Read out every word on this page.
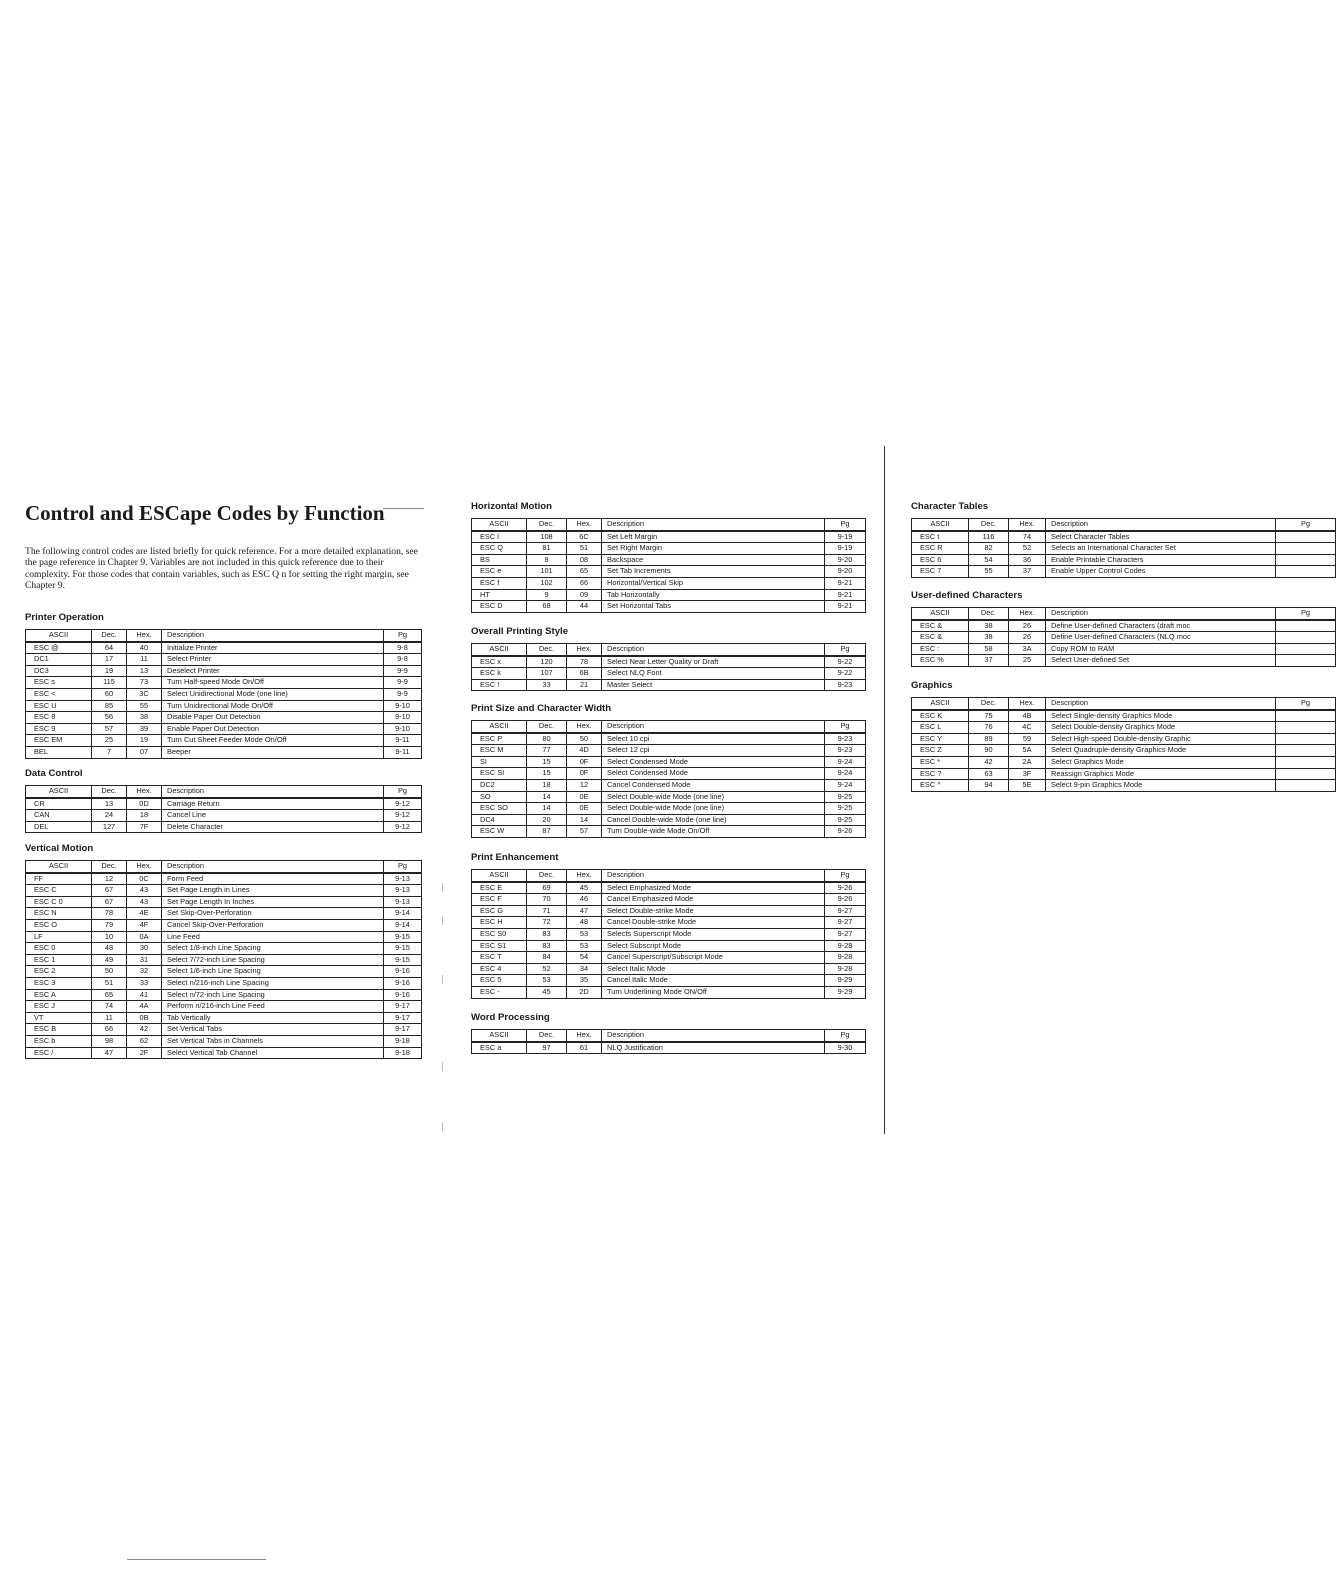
Control and ESCape Codes by Function

The following control codes are listed briefly for quick reference. For a more detailed explanation, see the page reference in Chapter 9. Variables are not included in this quick reference due to their complexity. For those codes that contain variables, such as ESC Q n for setting the right margin, see Chapter 9.

Printer Operation
ASCII	Dec.	Hex.	Description	Pg
ESC @	64	40	Initialize Printer	9-8
DC1	17	11	Select Printer	9-8
DC3	19	13	Deselect Printer	9-9
ESC s	115	73	Turn Half-speed Mode On/Off	9-9
ESC <	60	3C	Select Unidirectional Mode (one line)	9-9
ESC U	85	55	Turn Unidirectional Mode On/Off	9-10
ESC 8	56	38	Disable Paper Out Detection	9-10
ESC 9	57	39	Enable Paper Out Detection	9-10
ESC EM	25	19	Turn Cut Sheet Feeder Mode On/Off	9-11
BEL	7	07	Beeper	9-11
Data Control
ASCII	Dec.	Hex.	Description	Pg
CR	13	0D	Carriage Return	9-12
CAN	24	18	Cancel Line	9-12
DEL	127	7F	Delete Character	9-12
Vertical Motion
ASCII	Dec.	Hex.	Description	Pg
FF	12	0C	Form Feed	9-13
ESC C	67	43	Set Page Length in Lines	9-13
ESC C 0	67	43	Set Page Length In Inches	9-13
ESC N	78	4E	Set Skip-Over-Perforation	9-14
ESC O	79	4F	Cancel Skip-Over-Perforation	9-14
LF	10	0A	Line Feed	9-15
ESC 0	48	30	Select 1/8-inch Line Spacing	9-15
ESC 1	49	31	Select 7/72-inch Line Spacing	9-15
ESC 2	50	32	Select 1/6-inch Line Spacing	9-16
ESC 3	51	33	Select n/216-inch Line Spacing	9-16
ESC A	65	41	Select n/72-inch Line Spacing	9-16
ESC J	74	4A	Perform n/216-inch Line Feed	9-17
VT	11	0B	Tab Vertically	9-17
ESC B	66	42	Set Vertical Tabs	9-17
ESC b	98	62	Set Vertical Tabs in Channels	9-18
ESC /	47	2F	Select Vertical Tab Channel	9-18
Horizontal Motion
ASCII	Dec.	Hex.	Description	Pg
ESC l	108	6C	Set Left Margin	9-19
ESC Q	81	51	Set Right Margin	9-19
BS	8	08	Backspace	9-20
ESC e	101	65	Set Tab Increments	9-20
ESC f	102	66	Horizontal/Vertical Skip	9-21
HT	9	09	Tab Horizontally	9-21
ESC D	68	44	Set Horizontal Tabs	9-21
Overall Printing Style
ASCII	Dec.	Hex.	Description	Pg
ESC x	120	78	Select Near Letter Quality or Draft	9-22
ESC k	107	6B	Select NLQ Font	9-22
ESC !	33	21	Master Select	9-23
Print Size and Character Width
ASCII	Dec.	Hex.	Description	Pg
ESC P	80	50	Select 10 cpi	9-23
ESC M	77	4D	Select 12 cpi	9-23
SI	15	0F	Select Condensed Mode	9-24
ESC SI	15	0F	Select Condensed Mode	9-24
DC2	18	12	Cancel Condensed Mode	9-24
SO	14	0E	Select Double-wide Mode (one line)	9-25
ESC SO	14	0E	Select Double-wide Mode (one line)	9-25
DC4	20	14	Cancel Double-wide Mode (one line)	9-25
ESC W	87	57	Turn Double-wide Mode On/Off	9-26
Print Enhancement
ASCII	Dec.	Hex.	Description	Pg
ESC E	69	45	Select Emphasized Mode	9-26
ESC F	70	46	Cancel Emphasized Mode	9-26
ESC G	71	47	Select Double-strike Mode	9-27
ESC H	72	48	Cancel Double-strike Mode	9-27
ESC S0	83	53	Selects Superscript Mode	9-27
ESC S1	83	53	Select Subscript Mode	9-28
ESC T	84	54	Cancel Superscript/Subscript Mode	9-28
ESC 4	52	34	Select Italic Mode	9-28
ESC 5	53	35	Cancel Italic Mode	9-29
ESC -	45	2D	Turn Underlining Mode ON/Off	9-29
Word Processing
ASCII	Dec.	Hex.	Description	Pg
ESC a	97	61	NLQ Justification	9-30
Character Tables
ASCII	Dec.	Hex.	Description	Pg
ESC t	116	74	Select Character Tables	
ESC R	82	52	Selects an International Character Set	
ESC 6	54	36	Enable Printable Characters	
ESC 7	55	37	Enable Upper Control Codes	
User-defined Characters
ASCII	Dec.	Hex.	Description	Pg
ESC &	38	26	Define User-defined Characters (draft moc	
ESC &	38	26	Define User-defined Characters (NLQ moc	
ESC :	58	3A	Copy ROM to RAM	
ESC %	37	25	Select User-defined Set	
Graphics
ASCII	Dec.	Hex.	Description	Pg
ESC K	75	4B	Select Single-density Graphics Mode	
ESC L	76	4C	Select Double-density Graphics Mode	
ESC Y	89	59	Select High-speed Double-density Graphic	
ESC Z	90	5A	Select Quadruple-density Graphics Mode	
ESC *	42	2A	Select Graphics Mode	
ESC ?	63	3F	Reassign Graphics Mode	
ESC ^	94	5E	Select 9-pin Graphics Mode	
